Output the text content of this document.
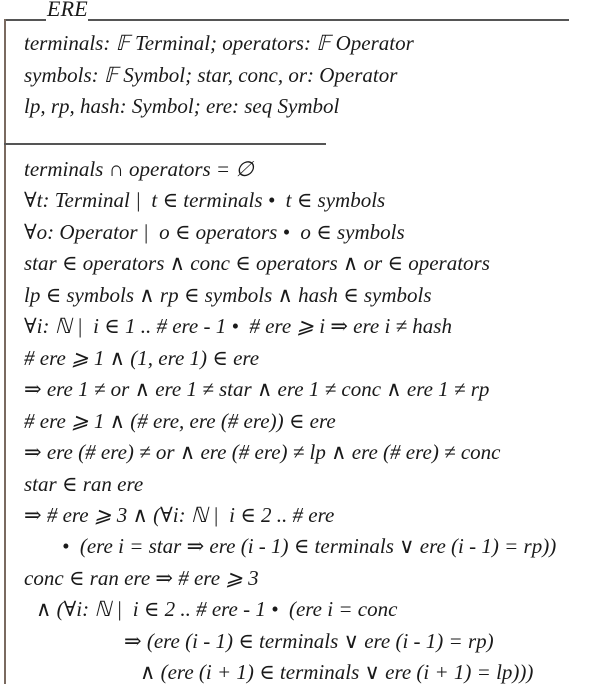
ERE
terminals: 𝔽 Terminal; operators: 𝔽 Operator
symbols: 𝔽 Symbol; star, conc, or: Operator
lp, rp, hash: Symbol; ere: seq Symbol
terminals ∩ operators = ∅
∀t: Terminal |  t ∈ terminals •  t ∈ symbols
∀o: Operator |  o ∈ operators •  o ∈ symbols
star ∈ operators ∧ conc ∈ operators ∧ or ∈ operators
lp ∈ symbols ∧ rp ∈ symbols ∧ hash ∈ symbols
∀i: ℕ |  i ∈ 1 .. # ere - 1 •  # ere ⩾ i ⇒ ere i ≠ hash
# ere ⩾ 1 ∧ (1, ere 1) ∈ ere
⇒ ere 1 ≠ or ∧ ere 1 ≠ star ∧ ere 1 ≠ conc ∧ ere 1 ≠ rp
# ere ⩾ 1 ∧ (# ere, ere (# ere)) ∈ ere
⇒ ere (# ere) ≠ or ∧ ere (# ere) ≠ lp ∧ ere (# ere) ≠ conc
star ∈ ran ere
⇒ # ere ⩾ 3 ∧ (∀i: ℕ |  i ∈ 2 .. # ere
•  (ere i = star ⇒ ere (i - 1) ∈ terminals ∨ ere (i - 1) = rp))
conc ∈ ran ere ⇒ # ere ⩾ 3
∧ (∀i: ℕ |  i ∈ 2 .. # ere - 1 •  (ere i = conc
⇒ (ere (i - 1) ∈ terminals ∨ ere (i - 1) = rp)
∧ (ere (i + 1) ∈ terminals ∨ ere (i + 1) = lp)))
